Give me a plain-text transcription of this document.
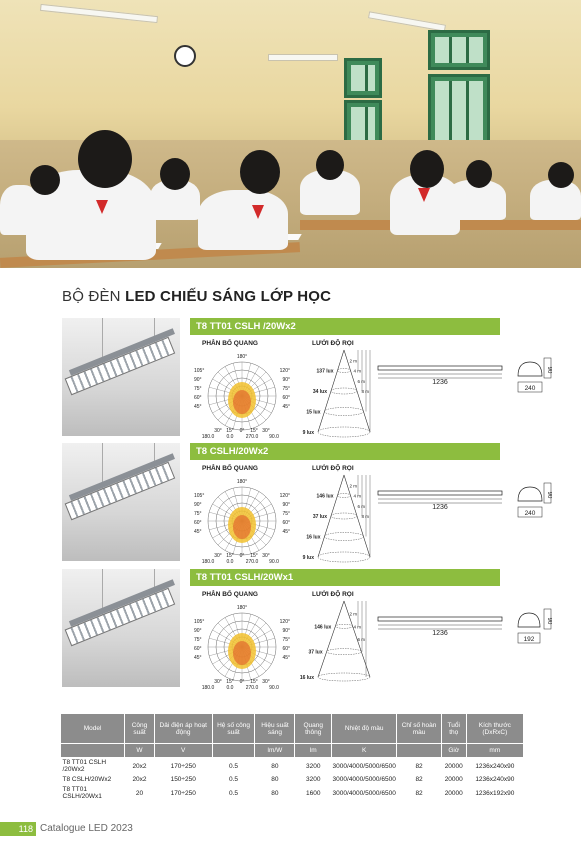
BỘ ĐÈN LED CHIẾU SÁNG LỚP HỌC
T8 TT01 CSLH /20Wx2
PHÂN BỐ QUANG	LƯỚI ĐỘ RỌI
180°
105°
90°
75°
60°
45°
120°
90°
75°
60°
45°
30° 15° 0° 15° 30°
180.0 0.0 270.0 90.0
137 lux
2 m
34 lux
4 m
15 lux
6 m
9 lux
8 m
1236
240
90
T8 CSLH/20Wx2
PHÂN BỐ QUANG	LƯỚI ĐỘ RỌI
180°
105°
90°
75°
60°
45°
120°
90°
75°
60°
45°
30° 15° 0° 15° 30°
180.0 0.0 270.0 90.0
146 lux
2 m
37 lux
4 m
16 lux
6 m
9 lux
8 m
1236
240
90
T8 TT01 CSLH/20Wx1
PHÂN BỐ QUANG	LƯỚI ĐỘ RỌI
180°
105°
90°
75°
60°
45°
120°
90°
75°
60°
45°
30° 15° 0° 15° 30°
180.0 0.0 270.0 90.0
146 lux
2 m
37 lux
4 m
16 lux
6 m
1236
192
90
Model	Công suất	Dải điện áp hoạt động	Hệ số công suất	Hiệu suất sáng	Quang thông	Nhiệt độ màu	Chỉ số hoàn màu	Tuổi thọ	Kích thước (DxRxC)
	W	V		lm/W	lm	K		Giờ	mm
T8 TT01 CSLH /20Wx2	20x2	170÷250	0.5	80	3200	3000/4000/5000/6500	82	20000	1236x240x90
T8 CSLH/20Wx2	20x2	150÷250	0.5	80	3200	3000/4000/5000/6500	82	20000	1236x240x90
T8 TT01 CSLH/20Wx1	20	170÷250	0.5	80	1600	3000/4000/5000/6500	82	20000	1236x192x90
118 Catalogue LED 2023
